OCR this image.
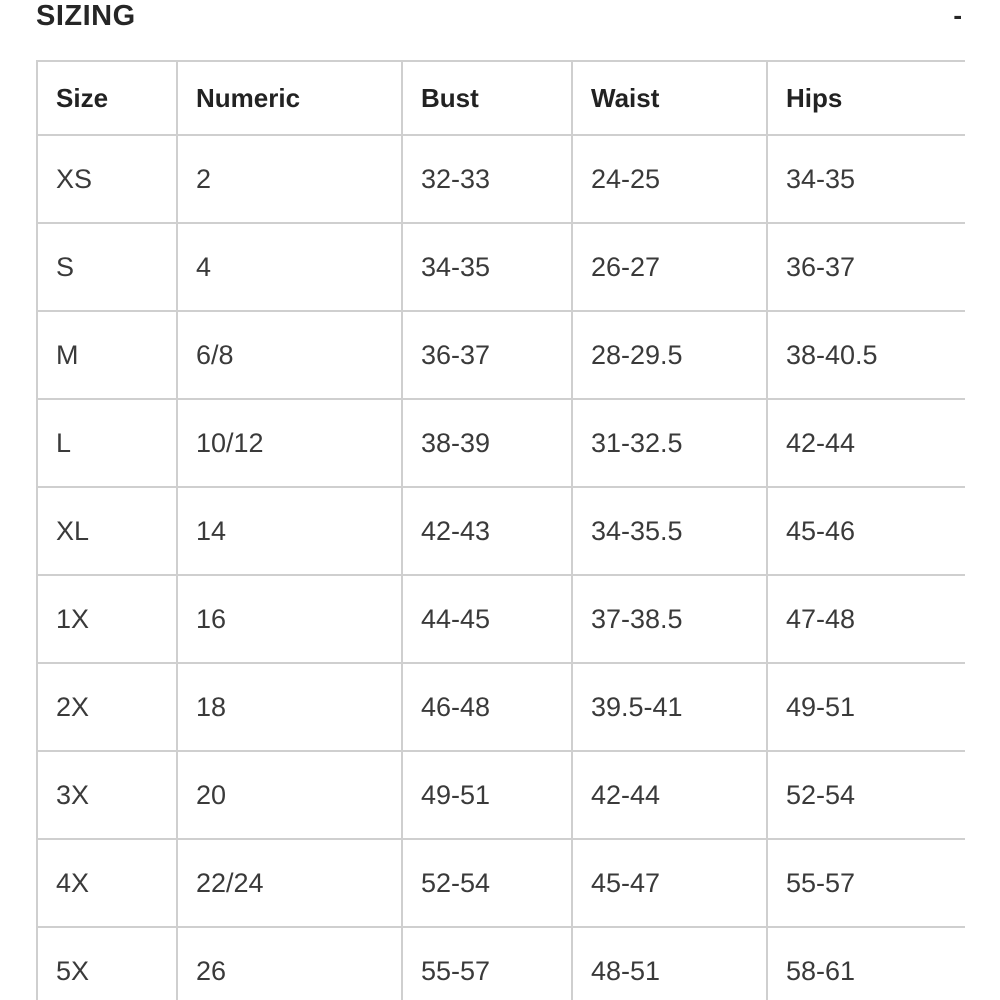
SIZING	-
Size	Numeric	Bust	Waist	Hips
XS	2	32-33	24-25	34-35
S	4	34-35	26-27	36-37
M	6/8	36-37	28-29.5	38-40.5
L	10/12	38-39	31-32.5	42-44
XL	14	42-43	34-35.5	45-46
1X	16	44-45	37-38.5	47-48
2X	18	46-48	39.5-41	49-51
3X	20	49-51	42-44	52-54
4X	22/24	52-54	45-47	55-57
5X	26	55-57	48-51	58-61
